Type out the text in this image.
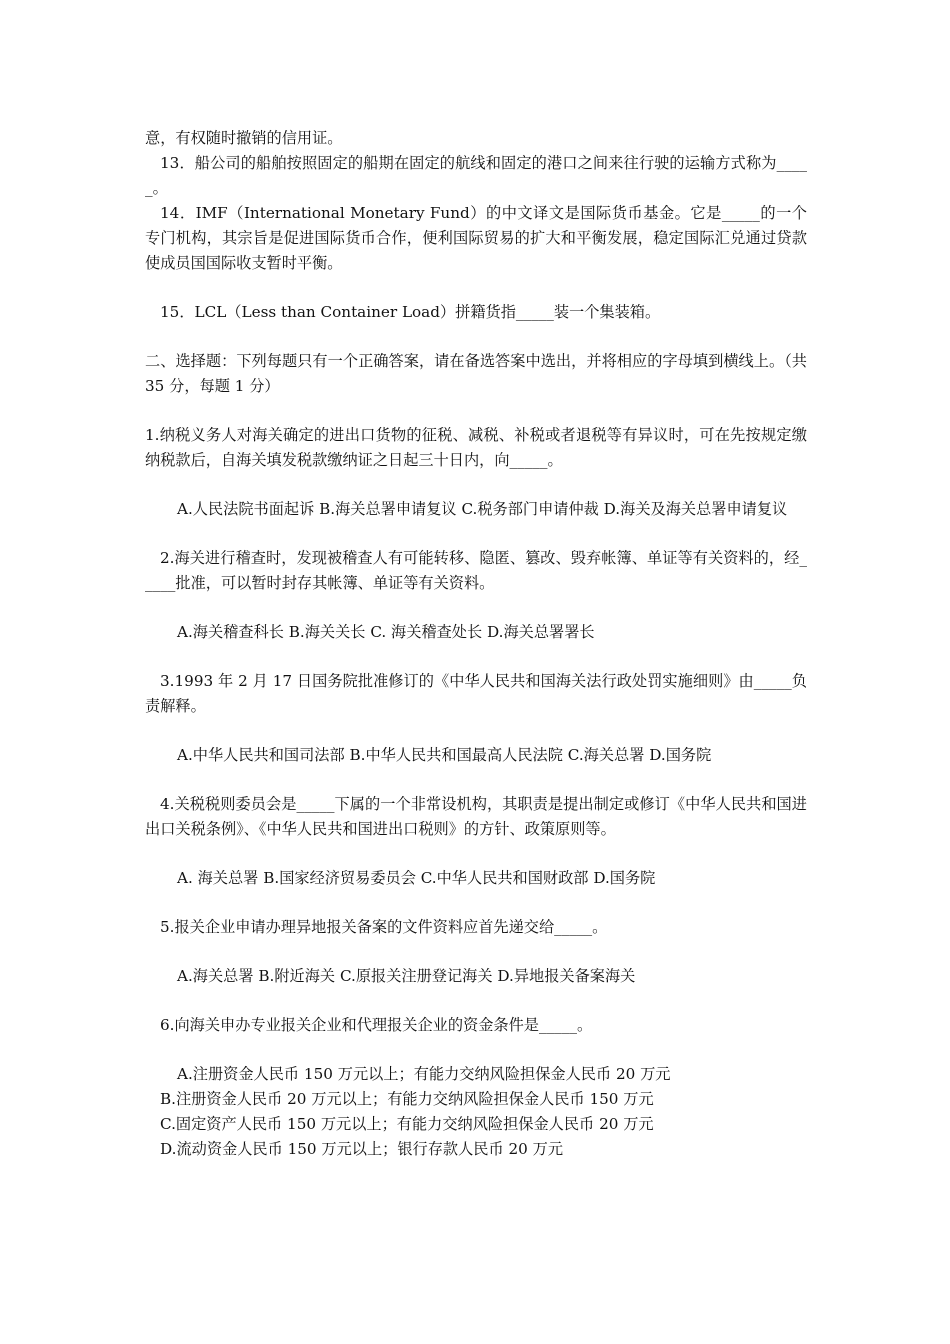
意，有权随时撤销的信用证。

13．船公司的船舶按照固定的船期在固定的航线和固定的港口之间来往行驶的运输方式称为_____。

14．IMF（International Monetary Fund）的中文译文是国际货币基金。它是_____的一个专门机构，其宗旨是促进国际货币合作，便利国际贸易的扩大和平衡发展，稳定国际汇兑通过贷款使成员国国际收支暂时平衡。

15．LCL（Less than Container Load）拼籍货指_____装一个集装箱。

二、选择题：下列每题只有一个正确答案，请在备选答案中选出，并将相应的字母填到横线上。（共 35 分，每题 1 分）

1.纳税义务人对海关确定的进出口货物的征税、减税、补税或者退税等有异议时，可在先按规定缴纳税款后，自海关填发税款缴纳证之日起三十日内，向_____。

A.人民法院书面起诉 B.海关总署申请复议 C.税务部门申请仲裁 D.海关及海关总署申请复议

2.海关进行稽查时，发现被稽查人有可能转移、隐匿、篡改、毁弃帐簿、单证等有关资料的，经_____批准，可以暂时封存其帐簿、单证等有关资料。

A.海关稽查科长 B.海关关长 C. 海关稽查处长 D.海关总署署长

3.1993 年 2 月 17 日国务院批准修订的《中华人民共和国海关法行政处罚实施细则》由_____负责解释。

A.中华人民共和国司法部 B.中华人民共和国最高人民法院 C.海关总署 D.国务院

4.关税税则委员会是_____下属的一个非常设机构，其职责是提出制定或修订《中华人民共和国进出口关税条例》、《中华人民共和国进出口税则》的方针、政策原则等。

A. 海关总署 B.国家经济贸易委员会 C.中华人民共和国财政部 D.国务院

5.报关企业申请办理异地报关备案的文件资料应首先递交给_____。

A.海关总署 B.附近海关 C.原报关注册登记海关 D.异地报关备案海关

6.向海关申办专业报关企业和代理报关企业的资金条件是_____。

A.注册资金人民币 150 万元以上；有能力交纳风险担保金人民币 20 万元

B.注册资金人民币 20 万元以上；有能力交纳风险担保金人民币 150 万元

C.固定资产人民币 150 万元以上；有能力交纳风险担保金人民币 20 万元

D.流动资金人民币 150 万元以上；银行存款人民币 20 万元
